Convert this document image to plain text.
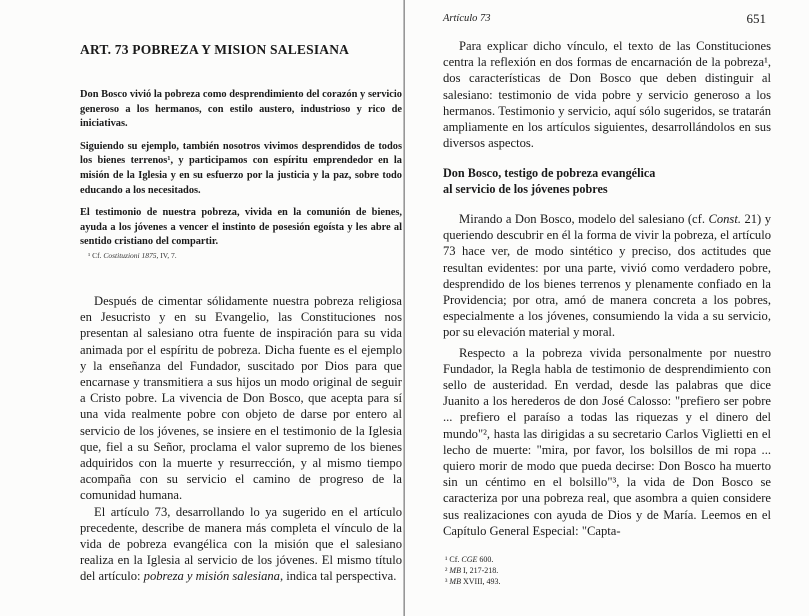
ART. 73 POBREZA Y MISION SALESIANA

Don Bosco vivió la pobreza como desprendimiento del corazón y servicio generoso a los hermanos, con estilo austero, industrioso y rico de iniciativas.

Siguiendo su ejemplo, también nosotros vivimos desprendidos de todos los bienes terrenos¹, y participamos con espíritu emprendedor en la misión de la Iglesia y en su esfuerzo por la justicia y la paz, sobre todo educando a los necesitados.

El testimonio de nuestra pobreza, vivida en la comunión de bienes, ayuda a los jóvenes a vencer el instinto de posesión egoísta y les abre al sentido cristiano del compartir.

¹ Cf. Costituzioni 1875, IV, 7.

Después de cimentar sólidamente nuestra pobreza religiosa en Jesucristo y en su Evangelio, las Constituciones nos presentan al salesiano otra fuente de inspiración para su vida animada por el espíritu de pobreza. Dicha fuente es el ejemplo y la enseñanza del Fundador, suscitado por Dios para que encarnase y transmitiera a sus hijos un modo original de seguir a Cristo pobre. La vivencia de Don Bosco, que acepta para sí una vida realmente pobre con objeto de darse por entero al servicio de los jóvenes, se insiere en el testimonio de la Iglesia que, fiel a su Señor, proclama el valor supremo de los bienes adquiridos con la muerte y resurrección, y al mismo tiempo acompaña con su servicio el camino de progreso de la comunidad humana.

El artículo 73, desarrollando lo ya sugerido en el artículo precedente, describe de manera más completa el vínculo de la vida de pobreza evangélica con la misión que el salesiano realiza en la Iglesia al servicio de los jóvenes. El mismo título del artículo: pobreza y misión salesiana, indica tal perspectiva.

Artículo 73	651

Para explicar dicho vínculo, el texto de las Constituciones centra la reflexión en dos formas de encarnación de la pobreza¹, dos características de Don Bosco que deben distinguir al salesiano: testimonio de vida pobre y servicio generoso a los hermanos. Testimonio y servicio, aquí sólo sugeridos, se tratarán ampliamente en los artículos siguientes, desarrollándolos en sus diversos aspectos.

Don Bosco, testigo de pobreza evangélica
al servicio de los jóvenes pobres

Mirando a Don Bosco, modelo del salesiano (cf. Const. 21) y queriendo descubrir en él la forma de vivir la pobreza, el artículo 73 hace ver, de modo sintético y preciso, dos actitudes que resultan evidentes: por una parte, vivió como verdadero pobre, desprendido de los bienes terrenos y plenamente confiado en la Providencia; por otra, amó de manera concreta a los pobres, especialmente a los jóvenes, consumiendo la vida a su servicio, por su elevación material y moral.

Respecto a la pobreza vivida personalmente por nuestro Fundador, la Regla habla de testimonio de desprendimiento con sello de austeridad. En verdad, desde las palabras que dice Juanito a los herederos de don José Calosso: "prefiero ser pobre ... prefiero el paraíso a todas las riquezas y el dinero del mundo"², hasta las dirigidas a su secretario Carlos Viglietti en el lecho de muerte: "mira, por favor, los bolsillos de mi ropa ... quiero morir de modo que pueda decirse: Don Bosco ha muerto sin un céntimo en el bolsillo"³, la vida de Don Bosco se caracteriza por una pobreza real, que asombra a quien considere sus realizaciones con ayuda de Dios y de María. Leemos en el Capítulo General Especial: "Capta-

¹ Cf. CGE 600.
² MB I, 217-218.
³ MB XVIII, 493.
